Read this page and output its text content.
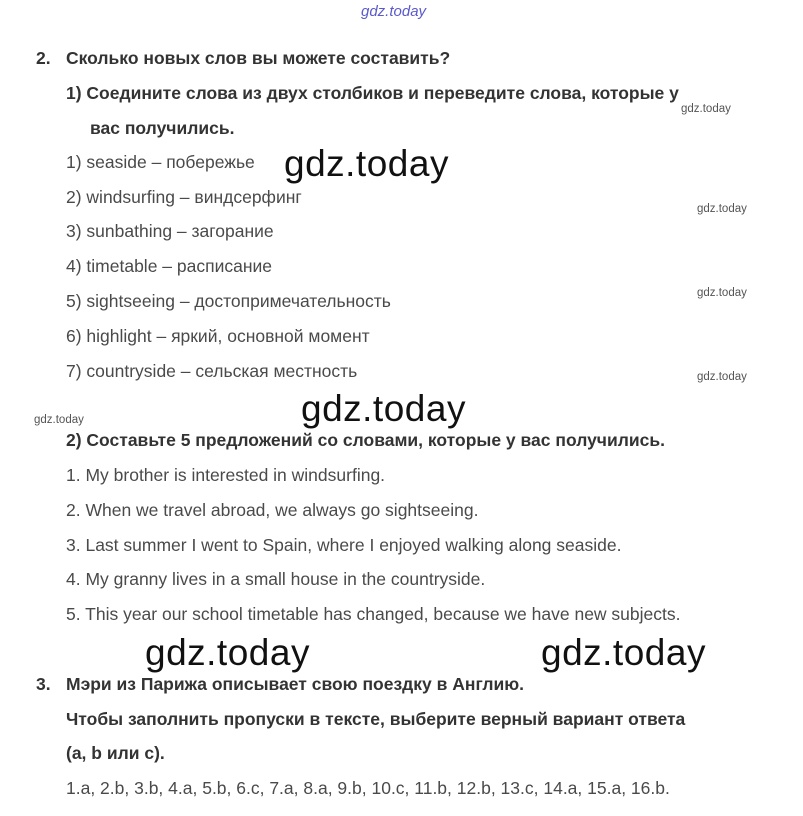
gdz.today
2. Сколько новых слов вы можете составить?
1) Соедините слова из двух столбиков и переведите слова, которые у
вас получились.
1) seaside – побережье
2) windsurfing – виндсерфинг
3) sunbathing – загорание
4) timetable – расписание
5) sightseeing – достопримечательность
6) highlight – яркий, основной момент
7) countryside – сельская местность
2) Составьте 5 предложений со словами, которые у вас получились.
1. My brother is interested in windsurfing.
2. When we travel abroad, we always go sightseeing.
3. Last summer I went to Spain, where I enjoyed walking along seaside.
4. My granny lives in a small house in the countryside.
5. This year our school timetable has changed, because we have new subjects.
3. Мэри из Парижа описывает свою поездку в Англию.
Чтобы заполнить пропуски в тексте, выберите верный вариант ответа
(a, b или c).
1.a, 2.b, 3.b, 4.a, 5.b, 6.c, 7.a, 8.a, 9.b, 10.c, 11.b, 12.b, 13.c, 14.a, 15.a, 16.b.
gdz.today
gdz.today
gdz.today
gdz.today
gdz.today
gdz.today
gdz.today
gdz.today	gdz.today
